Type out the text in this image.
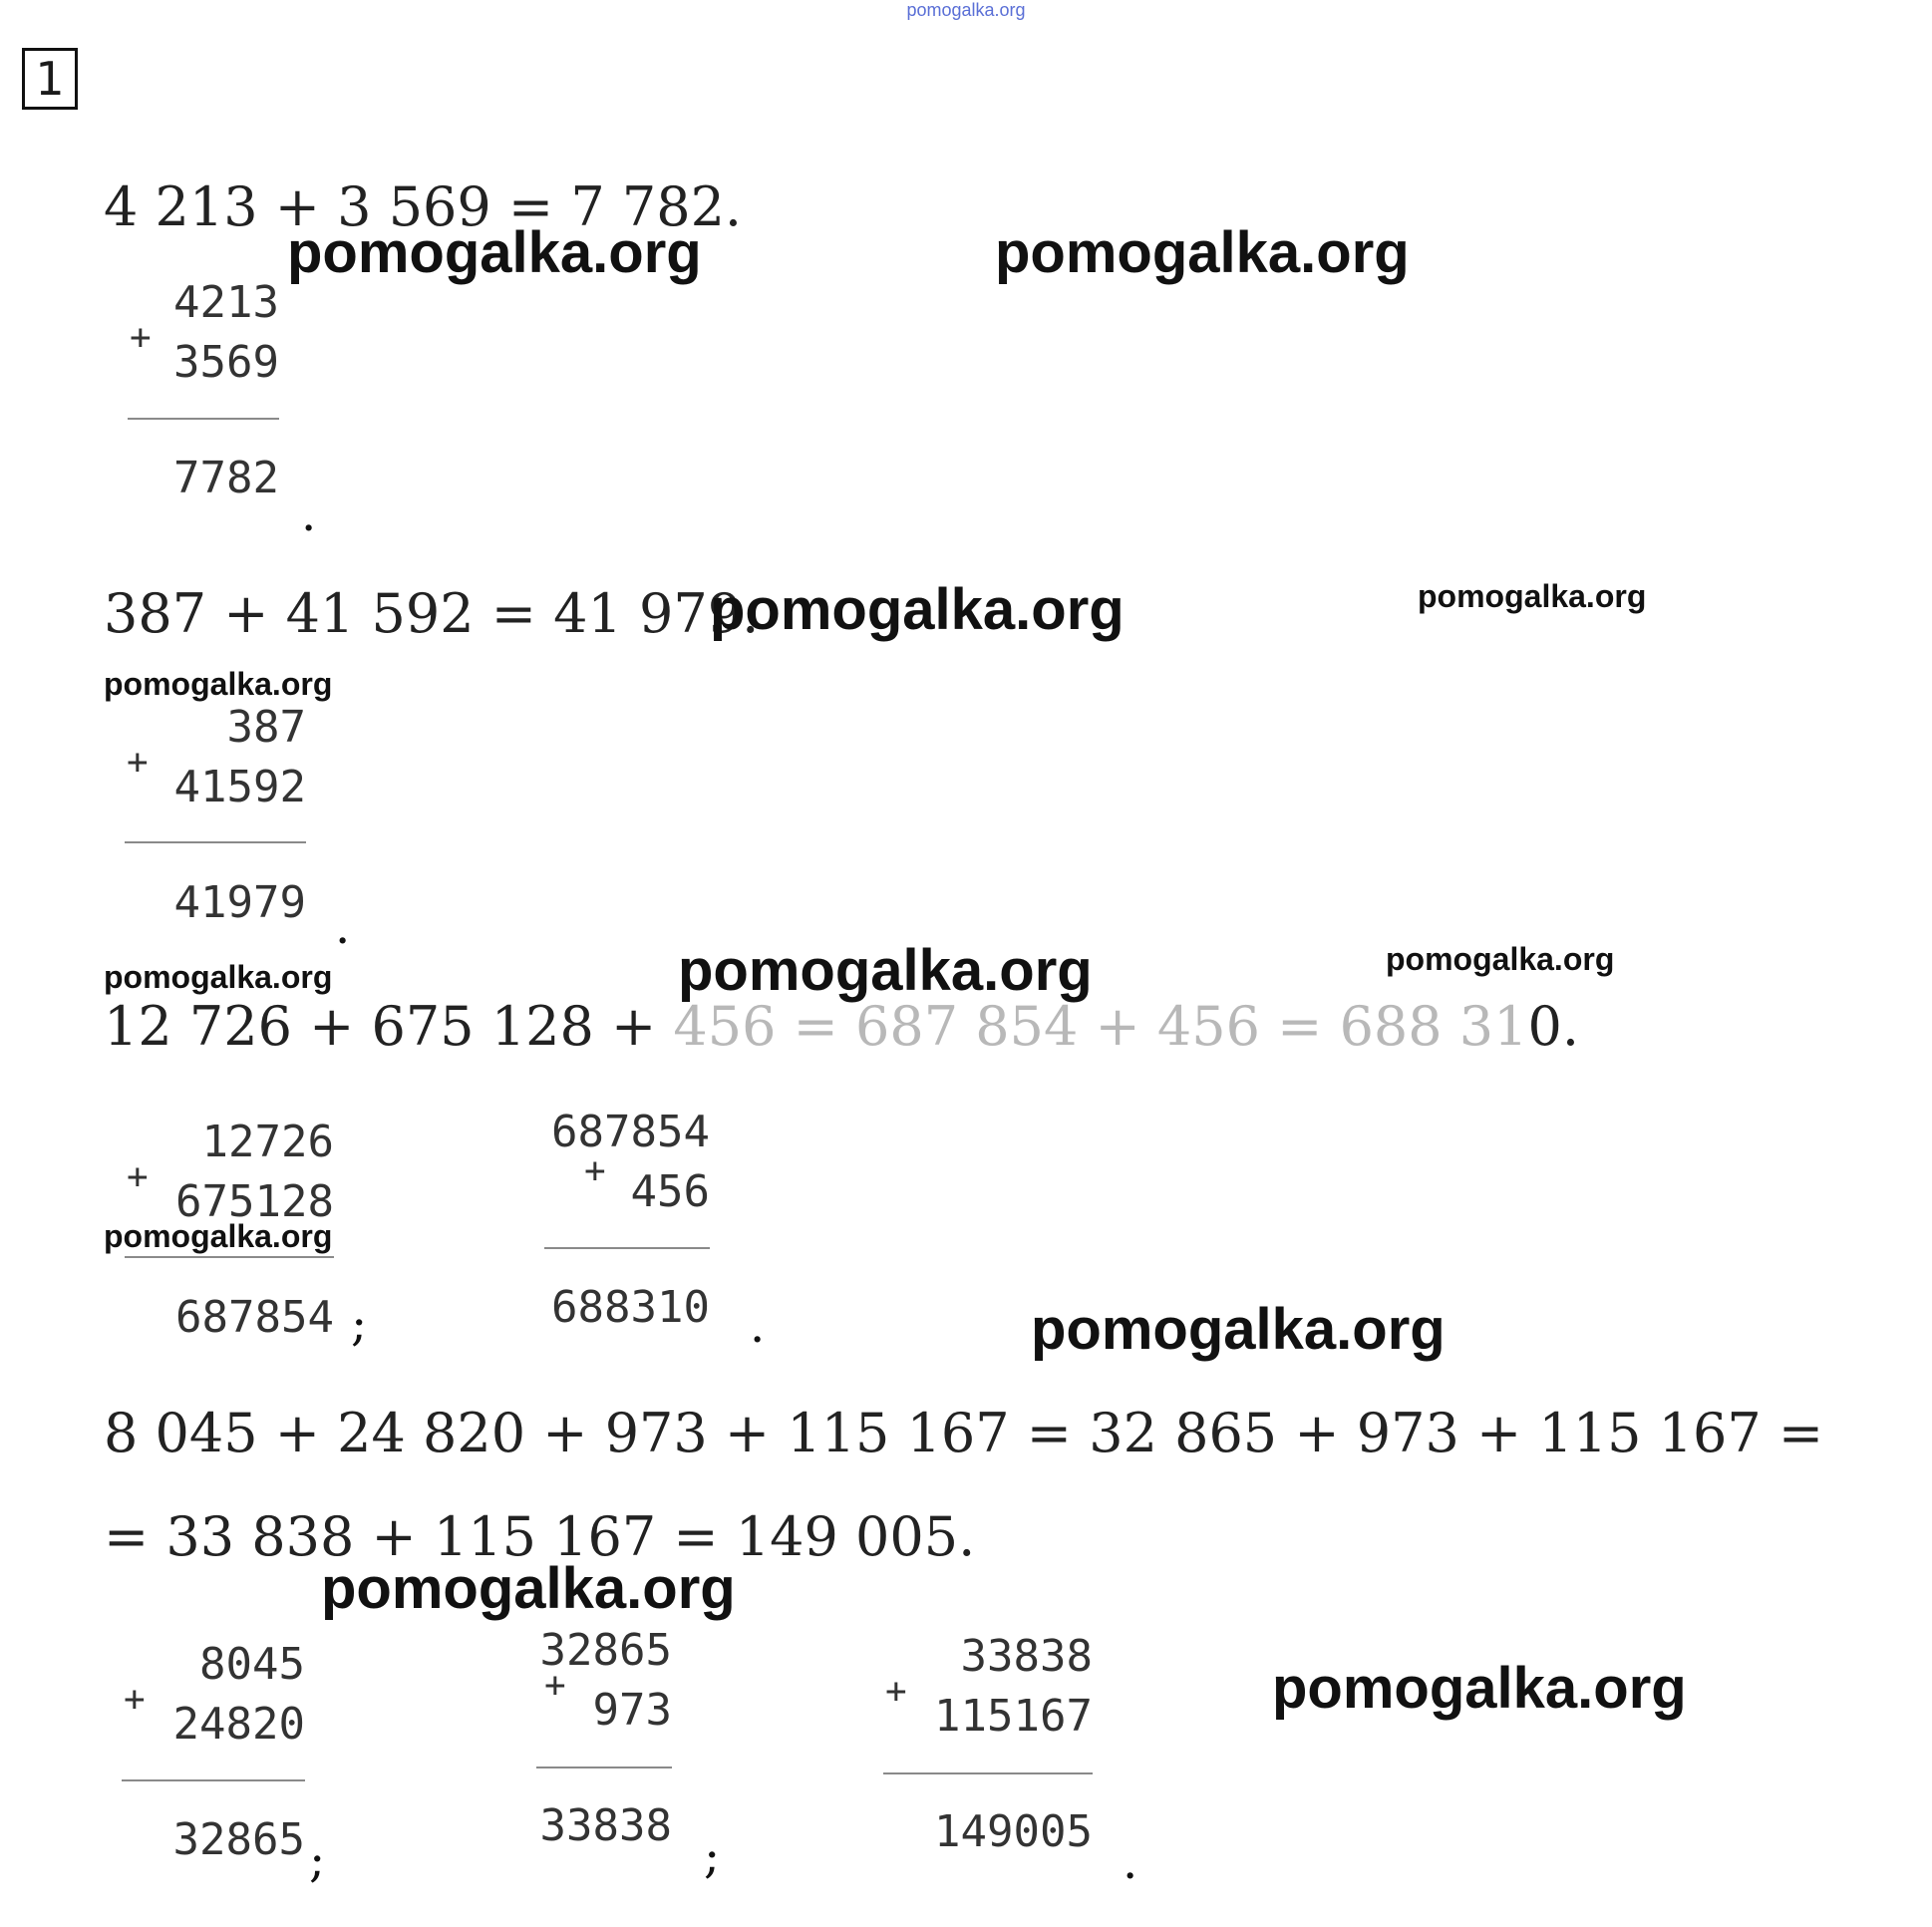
pomogalka.org
1
4 213 + 3 569 = 7 782.
pomogalka.org	pomogalka.org
+
4213
3569
7782
.
387 + 41 592 = 41 979.
pomogalka.org	pomogalka.org
pomogalka.org
+
387
41592
41979 .
pomogalka.org	pomogalka.org	pomogalka.org
12 726 + 675 128 + 456 = 687 854 + 456 = 688 310.
+
12726
675128
687854
pomogalka.org
;
+
687854
456
688310 .	pomogalka.org
8 045 + 24 820 + 973 + 115 167 = 32 865 + 973 + 115 167 =
= 33 838 + 115 167 = 149 005.
pomogalka.org
+
8045
24820
32865 ;
+
32865
973
33838
;
+
33838
115167
149005
.
pomogalka.org
